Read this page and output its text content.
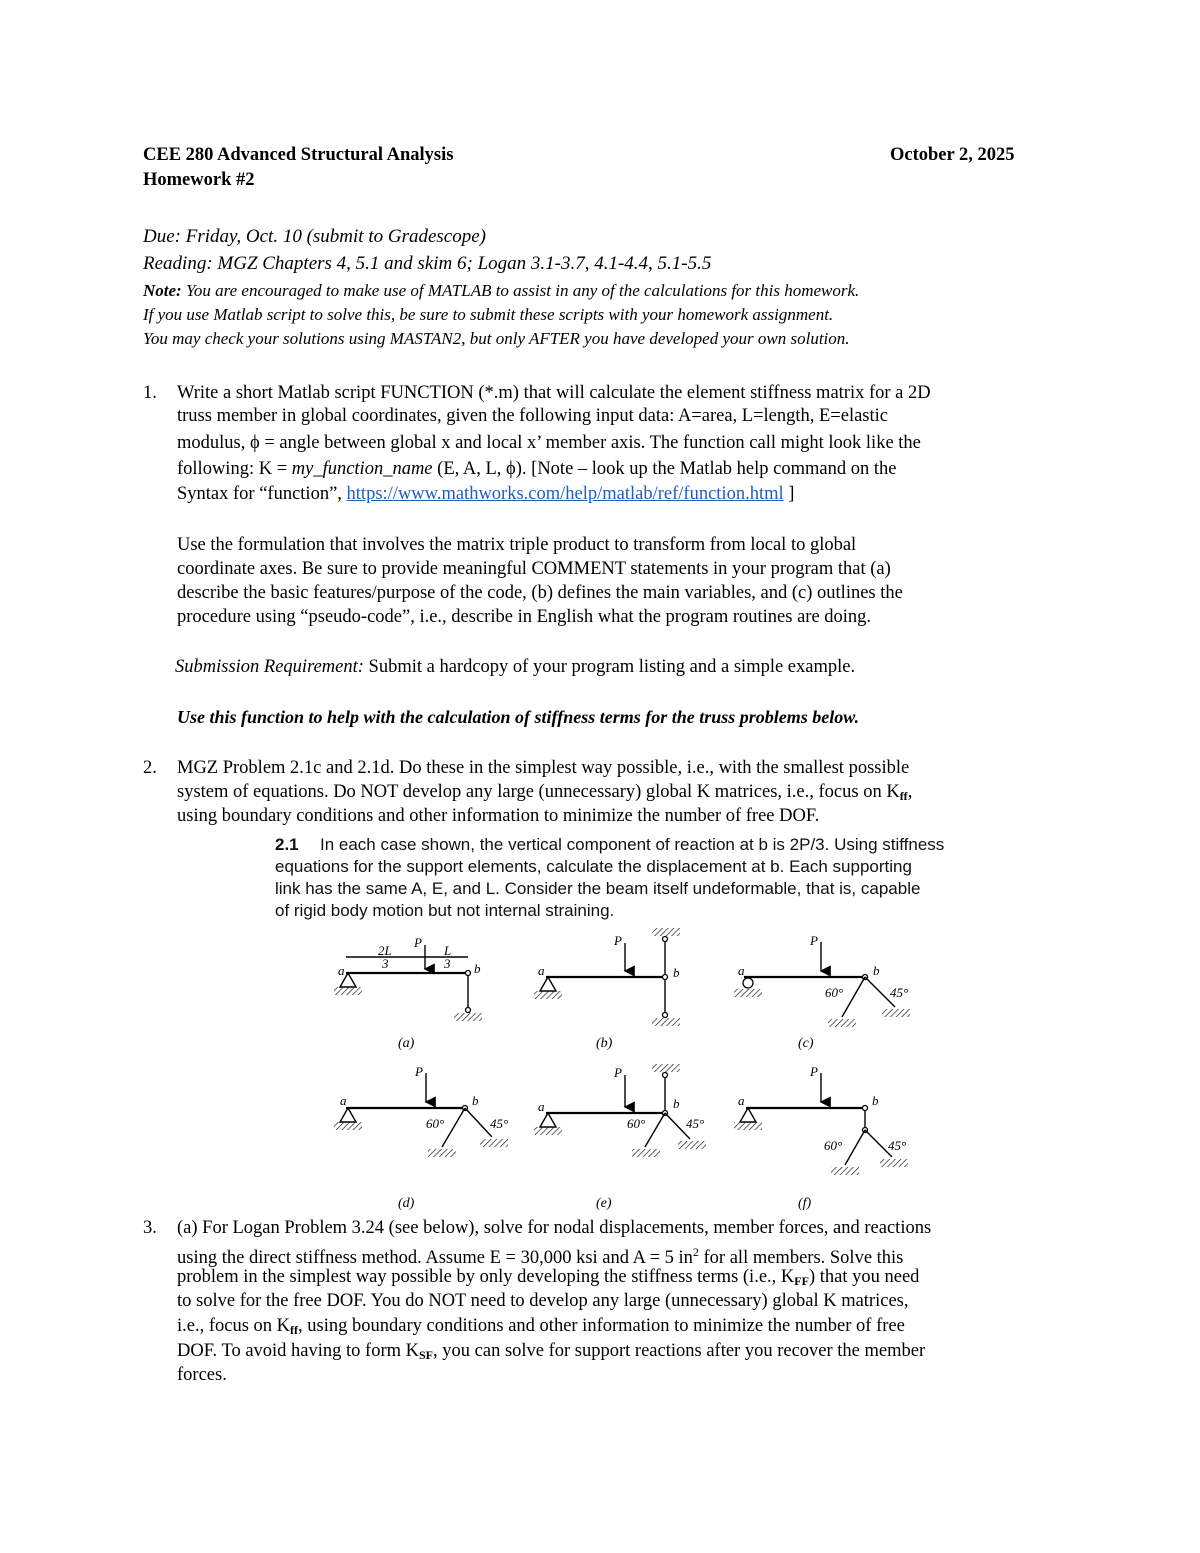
CEE 280 Advanced Structural Analysis	October 2, 2025
Homework #2
Due: Friday, Oct. 10 (submit to Gradescope)
Reading: MGZ Chapters 4, 5.1 and skim 6; Logan 3.1-3.7, 4.1-4.4, 5.1-5.5
Note: You are encouraged to make use of MATLAB to assist in any of the calculations for this homework.
If you use Matlab script to solve this, be sure to submit these scripts with your homework assignment.
You may check your solutions using MASTAN2, but only AFTER you have developed your own solution.
1. Write a short Matlab script FUNCTION (*.m) that will calculate the element stiffness matrix for a 2D
truss member in global coordinates, given the following input data: A=area, L=length, E=elastic
modulus, ϕ = angle between global x and local x’ member axis. The function call might look like the
following: K = my_function_name (E, A, L, ϕ). [Note – look up the Matlab help command on the
Syntax for “function”, https://www.mathworks.com/help/matlab/ref/function.html ]
Use the formulation that involves the matrix triple product to transform from local to global
coordinate axes. Be sure to provide meaningful COMMENT statements in your program that (a)
describe the basic features/purpose of the code, (b) defines the main variables, and (c) outlines the
procedure using “pseudo-code”, i.e., describe in English what the program routines are doing.
Submission Requirement: Submit a hardcopy of your program listing and a simple example.
Use this function to help with the calculation of stiffness terms for the truss problems below.
2. MGZ Problem 2.1c and 2.1d. Do these in the simplest way possible, i.e., with the smallest possible
system of equations. Do NOT develop any large (unnecessary) global K matrices, i.e., focus on $K_{ff}$,
using boundary conditions and other information to minimize the number of free DOF.
2.1 In each case shown, the vertical component of reaction at b is 2P/3. Using stiffness
equations for the support elements, calculate the displacement at b. Each supporting
link has the same A, E, and L. Consider the beam itself undeformable, that is, capable
of rigid body motion but not internal straining.
a	b
P
2L
3
L
3
(a)
a	b
P
(b)
a	b
P
60°	45°
(c)
a	b
P
60°	45°
(d)
a	b
P
60°	45°
(e)
a	b
P
60°	45°
(f)
3. (a) For Logan Problem 3.24 (see below), solve for nodal displacements, member forces, and reactions
using the direct stiffness method. Assume E = 30,000 ksi and A = 5 $in^2$ for all members. Solve this
problem in the simplest way possible by only developing the stiffness terms (i.e., $K_{FF}$) that you need
to solve for the free DOF. You do NOT need to develop any large (unnecessary) global K matrices,
i.e., focus on $K_{ff}$, using boundary conditions and other information to minimize the number of free
DOF. To avoid having to form $K_{SF}$, you can solve for support reactions after you recover the member
forces.
